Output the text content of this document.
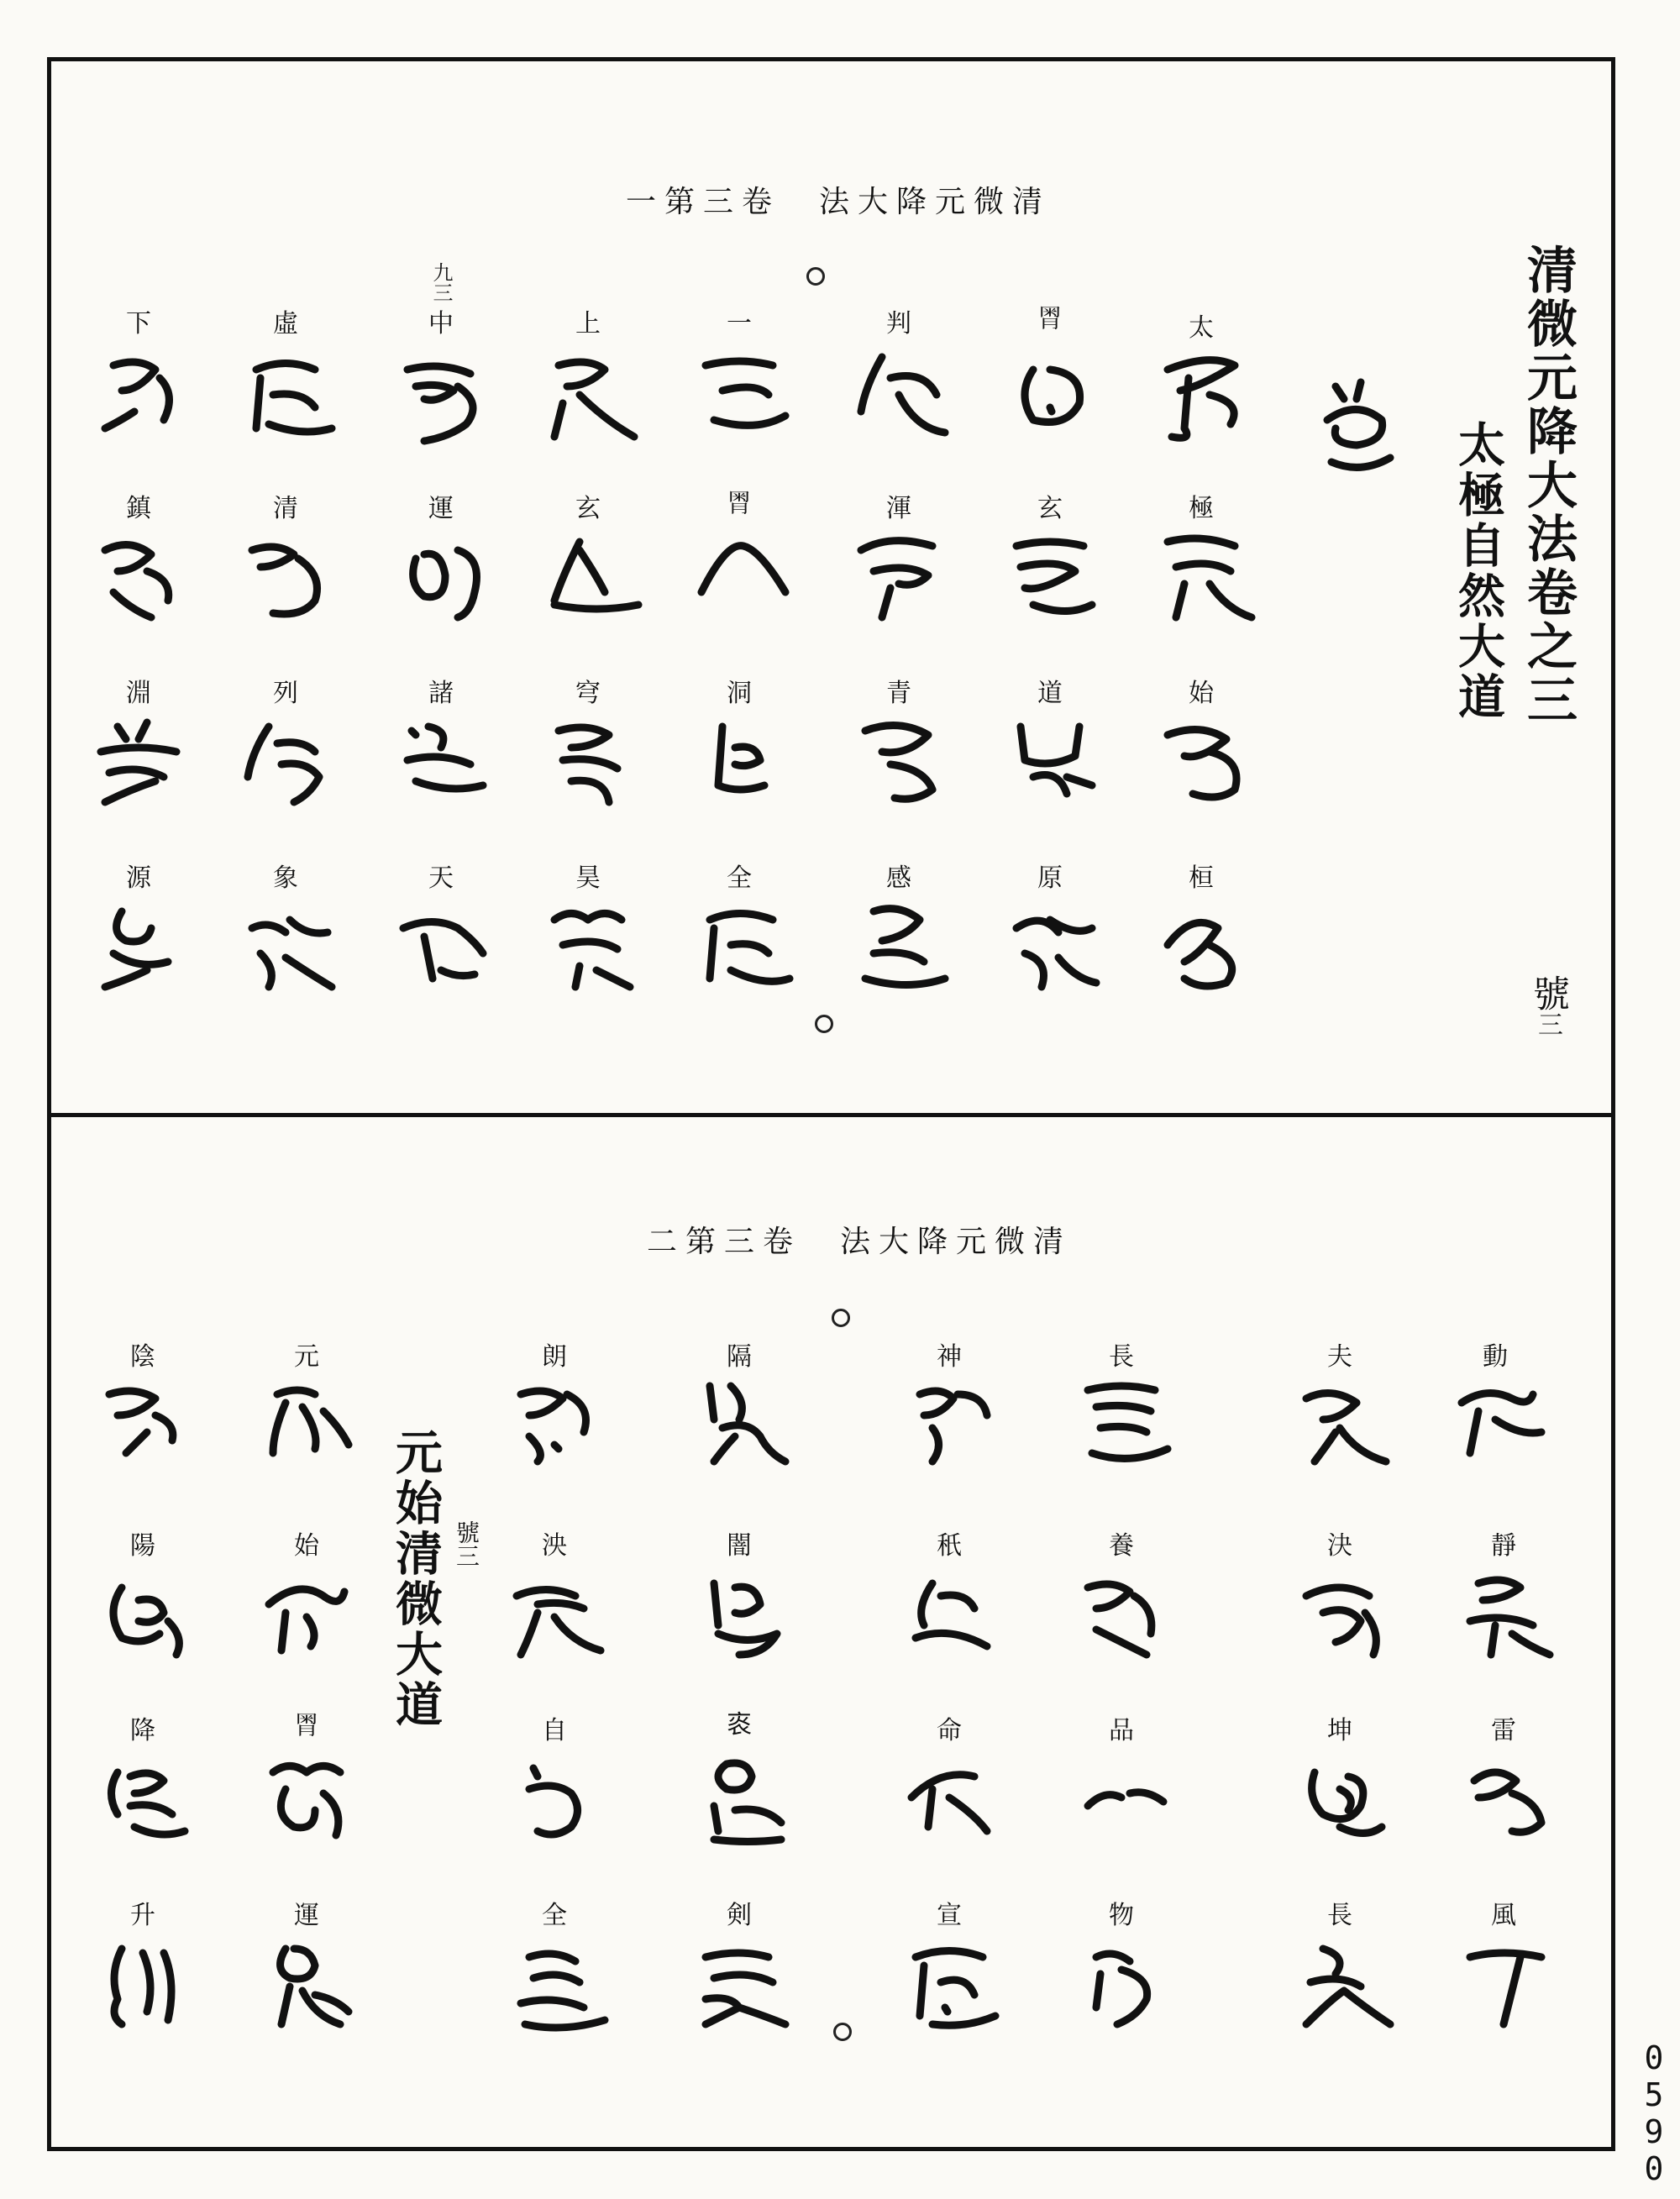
一第三卷　法大降元微清
清微元降大法卷之三
太極自然大道
號三
太
極
始
桓
𣍸
玄
道
原
判
渾
青
感
一
𣍸
洞
全
上
玄
穹
昊
九三
中
運
諸
天
虛
清
列
象
下
鎮
淵
源
二第三卷　法大降元微清
元始清微大道 號三
動
靜
雷
風
夫
決
坤
長
長
養
品
物
神
秖
命
宣
隔
闇
𤇯
剣
朗
泱
自
全
元
始
𣍸
運
陰
陽
降
升
0590
